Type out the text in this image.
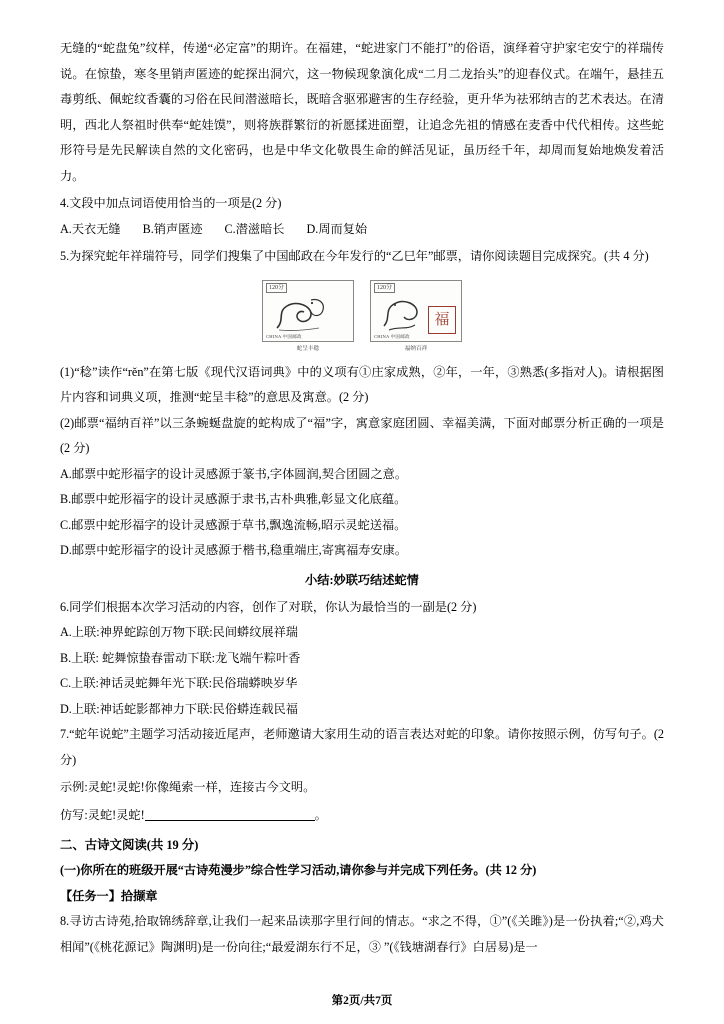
无缝的“蛇盘兔”纹样，传递“必定富”的期许。在福建，“蛇进家门不能打”的俗语，演绎着守护家宅安宁的祥瑞传说。在惊蛰，寒冬里销声匿迹的蛇探出洞穴，这一物候现象演化成“二月二龙抬头”的迎春仪式。在端午，悬挂五毒剪纸、佩蛇纹香囊的习俗在民间潜滋暗长，既暗含驱邪避害的生存经验，更升华为祛邪纳吉的艺术表达。在清明，西北人祭祖时供奉“蛇娃馍”，则将族群繁衍的祈愿揉进面塑，让追念先祖的情感在麦香中代代相传。这些蛇形符号是先民解读自然的文化密码，也是中华文化敬畏生命的鲜活见证，虽历经千年，却周而复始地焕发着活力。

4.文段中加点词语使用恰当的一项是(2 分)

A.天衣无缝 B.销声匿迹 C.潜滋暗长 D.周而复始

5.为探究蛇年祥瑞符号，同学们搜集了中国邮政在今年发行的“乙巳年”邮票，请你阅读题目完成探究。(共 4 分)

120分
CHINA 中国邮政
蛇呈丰稔
120分
福
CHINA 中国邮政
福纳百祥

(1)“稔”读作“rěn”在第七版《现代汉语词典》中的义项有①庄家成熟，②年，一年，③熟悉(多指对人)。请根据图片内容和词典义项，推测“蛇呈丰稔”的意思及寓意。(2 分)

(2)邮票“福纳百祥”以三条蜿蜒盘旋的蛇构成了“福”字，寓意家庭团圆、幸福美满，下面对邮票分析正确的一项是(2 分)

A.邮票中蛇形福字的设计灵感源于篆书,字体圆润,契合团圆之意。

B.邮票中蛇形福字的设计灵感源于隶书,古朴典雅,彰显文化底蕴。

C.邮票中蛇形福字的设计灵感源于草书,飘逸流畅,昭示灵蛇送福。

D.邮票中蛇形福字的设计灵感源于楷书,稳重端庄,寄寓福寿安康。

小结:妙联巧结述蛇情

6.同学们根据本次学习活动的内容，创作了对联，你认为最恰当的一副是(2 分)

A.上联:神界蛇踪创万物下联:民间蟒纹展祥瑞

B.上联: 蛇舞惊蛰春雷动下联:龙飞端午粽叶香

C.上联:神话灵蛇舞年光下联:民俗瑞蟒映岁华

D.上联:神话蛇影都神力下联:民俗蟒连载民福

7.“蛇年说蛇”主题学习活动接近尾声，老师邀请大家用生动的语言表达对蛇的印象。请你按照示例，仿写句子。(2 分)

示例:灵蛇!灵蛇!你像绳索一样，连接古今文明。

仿写:灵蛇!灵蛇!	。

二、古诗文阅读(共 19 分)

(一)你所在的班级开展“古诗苑漫步”综合性学习活动,请你参与并完成下列任务。(共 12 分)

【任务一】拾撷章

8.寻访古诗苑,拾取锦绣辞章,让我们一起来品读那字里行间的情志。“求之不得，①”(《关雎》)是一份执着;“②,鸡犬相闻”(《桃花源记》陶渊明)是一份向往;“最爱湖东行不足，③ ”(《钱塘湖春行》白居易)是一

第2页/共7页
